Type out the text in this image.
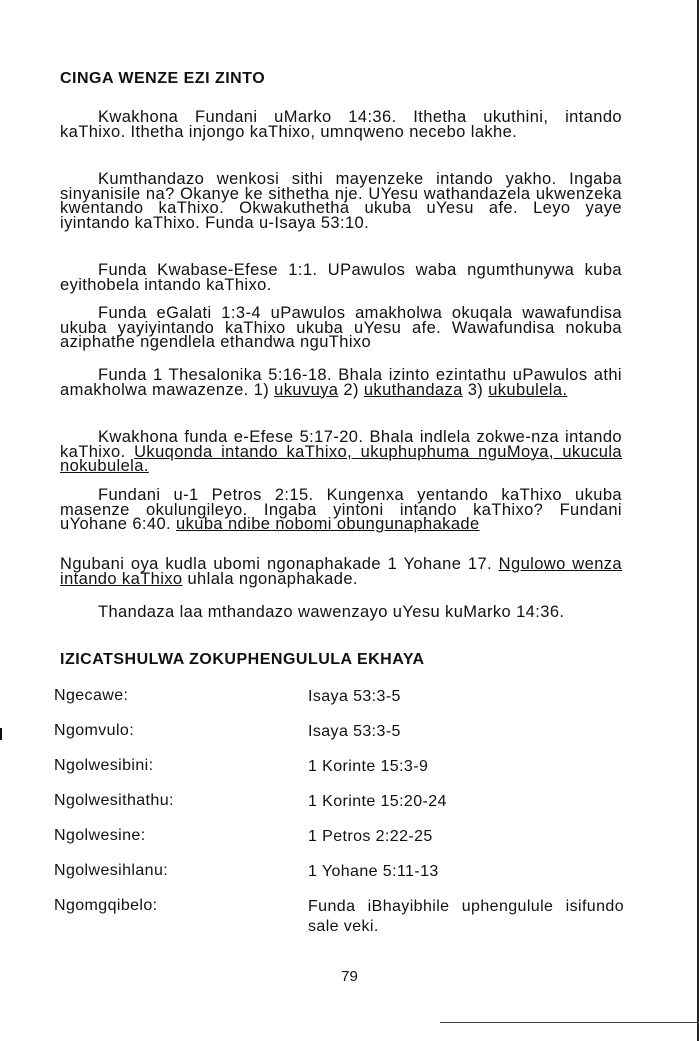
CINGA WENZE EZI ZINTO
Kwakhona Fundani uMarko 14:36. Ithetha ukuthini, intando kaThixo. Ithetha injongo kaThixo, umnqweno necebo lakhe.
Kumthandazo wenkosi sithi mayenzeke intando yakho. Ingaba sinyanisile na? Okanye ke sithetha nje. UYesu wathandazela ukwenzeka kwentando kaThixo. Okwakuthetha ukuba uYesu afe. Leyo yaye iyintando kaThixo. Funda u-Isaya 53:10.
Funda Kwabase-Efese 1:1. UPawulos waba ngumthunywa kuba eyithobela intando kaThixo.
Funda eGalati 1:3-4 uPawulos amakholwa okuqala wawafundisa ukuba yayiyintando kaThixo ukuba uYesu afe. Wawafundisa nokuba aziphathe ngendlela ethandwa nguThixo
Funda 1 Thesalonika 5:16-18. Bhala izinto ezintathu uPawulos athi amakholwa mawazenze. 1) ukuvuya 2) ukuthandaza 3) ukubulela.
Kwakhona funda e-Efese 5:17-20. Bhala indlela zokwe-nza intando kaThixo. Ukuqonda intando kaThixo, ukuphuphuma nguMoya, ukucula nokubulela.
Fundani u-1 Petros 2:15. Kungenxa yentando kaThixo ukuba masenze okulungileyo. Ingaba yintoni intando kaThixo? Fundani uYohane 6:40. ukuba ndibe nobomi obungunaphakade
Ngubani oya kudla ubomi ngonaphakade 1 Yohane 17. Ngulowo wenza intando kaThixo uhlala ngonaphakade.
Thandaza laa mthandazo wawenzayo uYesu kuMarko 14:36.
IZICATSHULWA ZOKUPHENGULULA EKHAYA
Ngecawe:	Isaya 53:3-5
Ngomvulo:	Isaya 53:3-5
Ngolwesibini:	1 Korinte 15:3-9
Ngolwesithathu:	1 Korinte 15:20-24
Ngolwesine:	1 Petros 2:22-25
Ngolwesihlanu:	1 Yohane 5:11-13
Ngomgqibelo:	Funda iBhayibhile uphengulule isifundo sale veki.
79
